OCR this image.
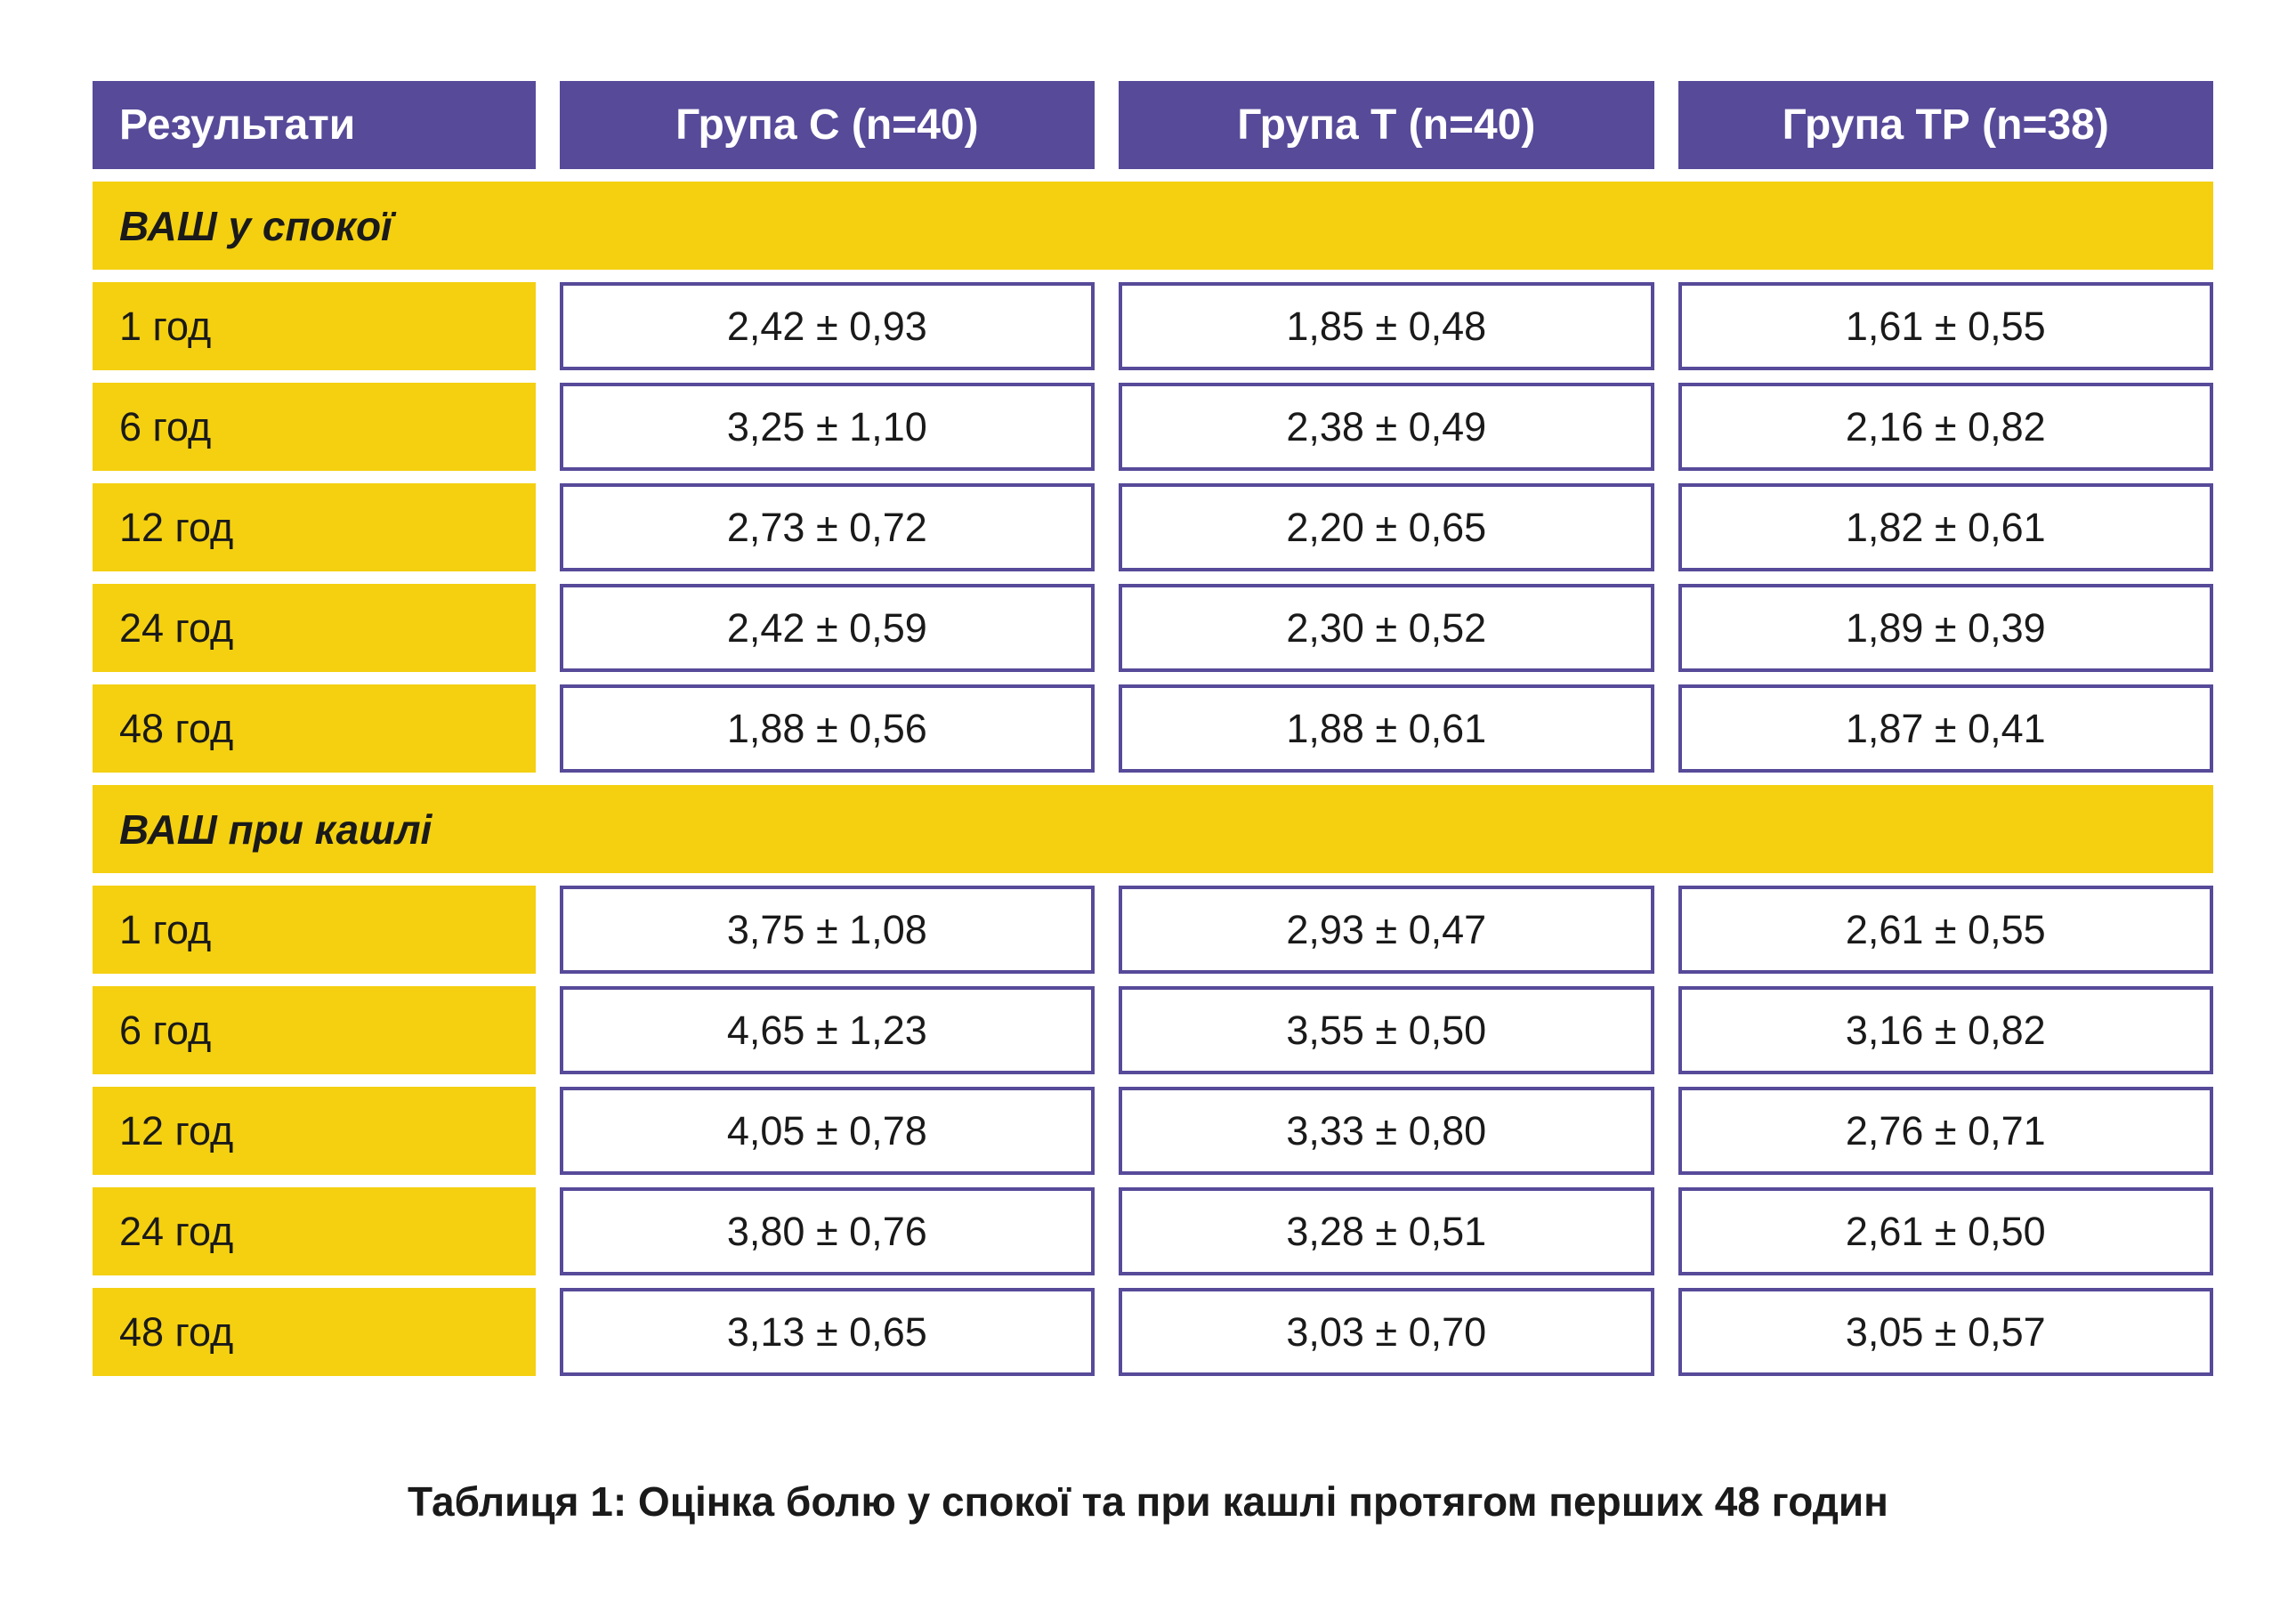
Результати	Група С (n=40)	Група Т (n=40)	Група ТР (n=38)
ВАШ у спокої
1 год	2,42 ± 0,93	1,85 ± 0,48	1,61 ± 0,55
6 год	3,25 ± 1,10	2,38 ± 0,49	2,16 ± 0,82
12 год	2,73 ± 0,72	2,20 ± 0,65	1,82 ± 0,61
24 год	2,42 ± 0,59	2,30 ± 0,52	1,89 ± 0,39
48 год	1,88 ± 0,56	1,88 ± 0,61	1,87 ± 0,41
ВАШ при кашлі
1 год	3,75 ± 1,08	2,93 ± 0,47	2,61 ± 0,55
6 год	4,65 ± 1,23	3,55 ± 0,50	3,16 ± 0,82
12 год	4,05 ± 0,78	3,33 ± 0,80	2,76 ± 0,71
24 год	3,80 ± 0,76	3,28 ± 0,51	2,61 ± 0,50
48 год	3,13 ± 0,65	3,03 ± 0,70	3,05 ± 0,57
Таблиця 1: Оцінка болю у спокої та при кашлі протягом перших 48 годин
